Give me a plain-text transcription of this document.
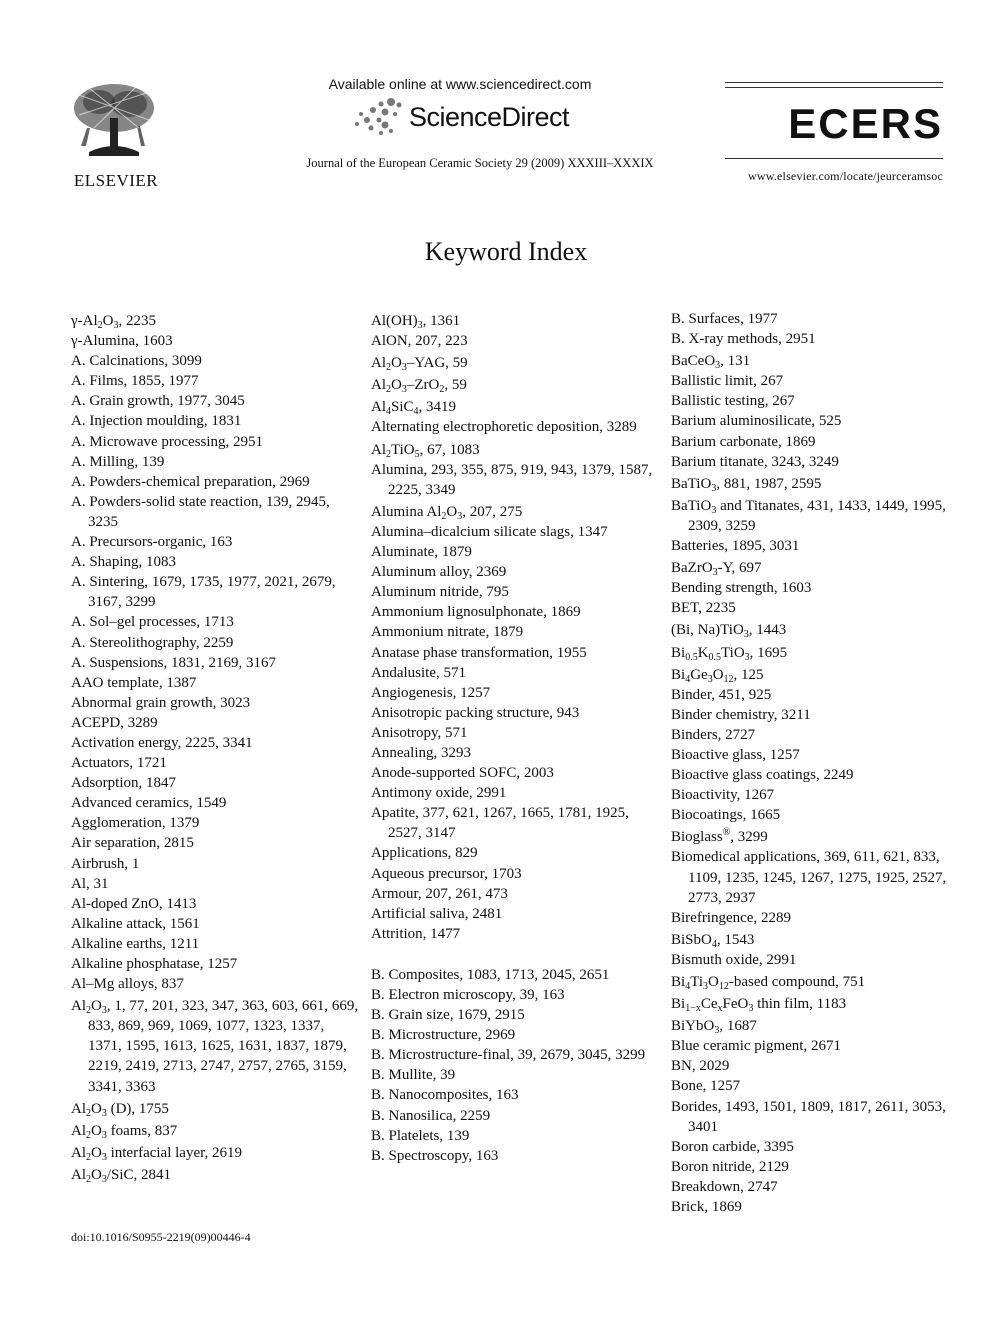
ELSEVIER
Available online at www.sciencedirect.com
ScienceDirect
Journal of the European Ceramic Society 29 (2009) XXXIII–XXXIX
ECERS
www.elsevier.com/locate/jeurceramsoc
Keyword Index
$\gamma-Al_2O_3$, 2235
γ-Alumina, 1603
A. Calcinations, 3099
A. Films, 1855, 1977
A. Grain growth, 1977, 3045
A. Injection moulding, 1831
A. Microwave processing, 2951
A. Milling, 139
A. Powders-chemical preparation, 2969
A. Powders-solid state reaction, 139, 2945, 3235
A. Precursors-organic, 163
A. Shaping, 1083
A. Sintering, 1679, 1735, 1977, 2021, 2679, 3167, 3299
A. Sol–gel processes, 1713
A. Stereolithography, 2259
A. Suspensions, 1831, 2169, 3167
AAO template, 1387
Abnormal grain growth, 3023
ACEPD, 3289
Activation energy, 2225, 3341
Actuators, 1721
Adsorption, 1847
Advanced ceramics, 1549
Agglomeration, 1379
Air separation, 2815
Airbrush, 1
Al, 31
Al-doped ZnO, 1413
Alkaline attack, 1561
Alkaline earths, 1211
Alkaline phosphatase, 1257
Al–Mg alloys, 837
$Al_2O_3$, 1, 77, 201, 323, 347, 363, 603, 661, 669, 833, 869, 969, 1069, 1077, 1323, 1337, 1371, 1595, 1613, 1625, 1631, 1837, 1879, 2219, 2419, 2713, 2747, 2757, 2765, 3159, 3341, 3363
$Al_2O_3$ (D), 1755
$Al_2O_3$ foams, 837
$Al_2O_3$ interfacial layer, 2619
$Al_2O_3$/SiC, 2841
$Al(OH)_3$, 1361
AlON, 207, 223
$Al_2O_3$–YAG, 59
$Al_2O_3-ZrO_2$, 59
$Al_4SiC_4$, 3419
Alternating electrophoretic deposition, 3289
$Al_2TiO_5$, 67, 1083
Alumina, 293, 355, 875, 919, 943, 1379, 1587, 2225, 3349
Alumina $Al_2O_3$, 207, 275
Alumina–dicalcium silicate slags, 1347
Aluminate, 1879
Aluminum alloy, 2369
Aluminum nitride, 795
Ammonium lignosulphonate, 1869
Ammonium nitrate, 1879
Anatase phase transformation, 1955
Andalusite, 571
Angiogenesis, 1257
Anisotropic packing structure, 943
Anisotropy, 571
Annealing, 3293
Anode-supported SOFC, 2003
Antimony oxide, 2991
Apatite, 377, 621, 1267, 1665, 1781, 1925, 2527, 3147
Applications, 829
Aqueous precursor, 1703
Armour, 207, 261, 473
Artificial saliva, 2481
Attrition, 1477
B. Composites, 1083, 1713, 2045, 2651
B. Electron microscopy, 39, 163
B. Grain size, 1679, 2915
B. Microstructure, 2969
B. Microstructure-final, 39, 2679, 3045, 3299
B. Mullite, 39
B. Nanocomposites, 163
B. Nanosilica, 2259
B. Platelets, 139
B. Spectroscopy, 163
B. Surfaces, 1977
B. X-ray methods, 2951
BaCeO$_3$, 131
Ballistic limit, 267
Ballistic testing, 267
Barium aluminosilicate, 525
Barium carbonate, 1869
Barium titanate, 3243, 3249
BaTiO$_3$, 881, 1987, 2595
BaTiO$_3$ and Titanates, 431, 1433, 1449, 1995, 2309, 3259
Batteries, 1895, 3031
BaZrO$_3$-Y, 697
Bending strength, 1603
BET, 2235
(Bi, Na)TiO$_3$, 1443
$Bi_{0.5}K_{0.5}TiO_3$, 1695
$Bi_4Ge_3O_{12}$, 125
Binder, 451, 925
Binder chemistry, 3211
Binders, 2727
Bioactive glass, 1257
Bioactive glass coatings, 2249
Bioactivity, 1267
Biocoatings, 1665
Bioglass®, 3299
Biomedical applications, 369, 611, 621, 833, 1109, 1235, 1245, 1267, 1275, 1925, 2527, 2773, 2937
Birefringence, 2289
BiSbO$_4$, 1543
Bismuth oxide, 2991
$Bi_4Ti_3O_{12}$-based compound, 751
$Bi_{1-x}Ce_xFeO_3$ thin film, 1183
BiYbO$_3$, 1687
Blue ceramic pigment, 2671
BN, 2029
Bone, 1257
Borides, 1493, 1501, 1809, 1817, 2611, 3053, 3401
Boron carbide, 3395
Boron nitride, 2129
Breakdown, 2747
Brick, 1869
doi:10.1016/S0955-2219(09)00446-4
